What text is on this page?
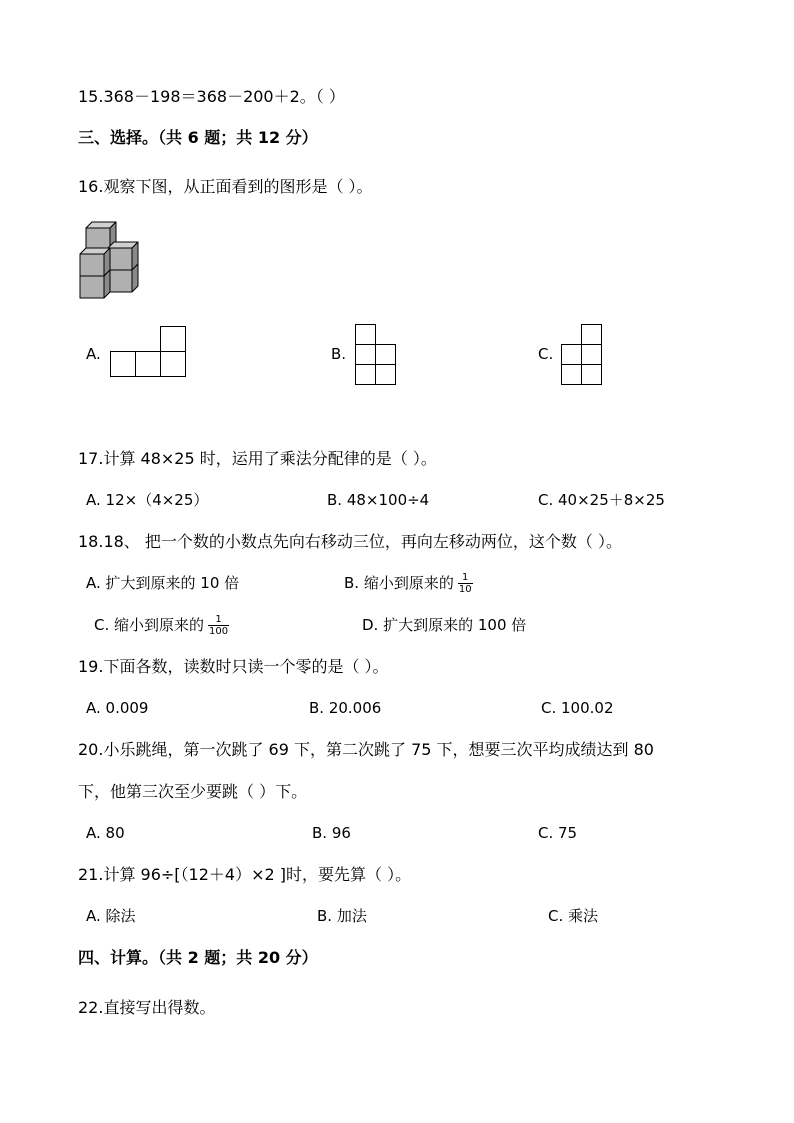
15.368－198＝368－200＋2。（ ）
三、选择。（共 6 题；共 12 分）
16.观察下图，从正面看到的图形是（ ）。
A.	B.	C.
17.计算 48×25 时，运用了乘法分配律的是（ ）。
A. 12×（4×25）	B. 48×100÷4	C. 40×25＋8×25
18.18、 把一个数的小数点先向右移动三位，再向左移动两位，这个数（ ）。
A. 扩大到原来的 10 倍	B. 缩小到原来的 $\frac{1}{10}$
C. 缩小到原来的 $\frac{1}{100}$	D. 扩大到原来的 100 倍
19.下面各数，读数时只读一个零的是（ ）。
A. 0.009	B. 20.006	C. 100.02
20.小乐跳绳，第一次跳了 69 下，第二次跳了 75 下，想要三次平均成绩达到 80
下，他第三次至少要跳（ ）下。
A. 80	B. 96	C. 75
21.计算 96÷[（12＋4）×2 ]时，要先算（ ）。
A. 除法	B. 加法	C. 乘法
四、计算。（共 2 题；共 20 分）
22.直接写出得数。
